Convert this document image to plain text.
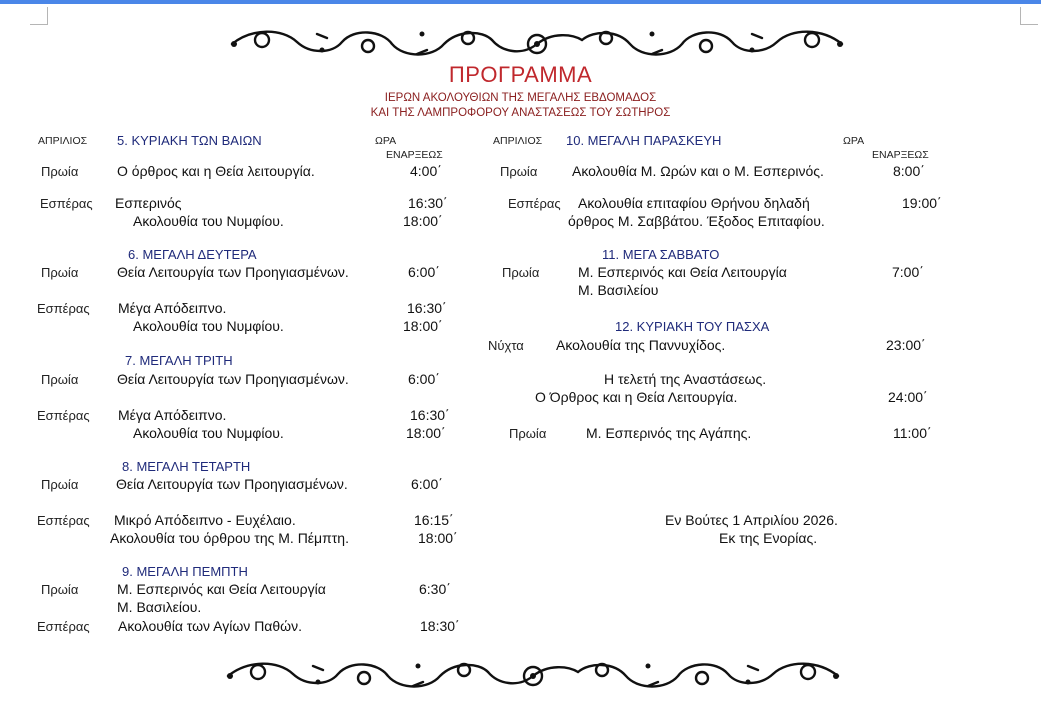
ΠΡΟΓΡΑΜΜΑ
ΙΕΡΩΝ ΑΚΟΛΟΥΘΙΩΝ ΤΗΣ ΜΕΓΑΛΗΣ ΕΒΔΟΜΑΔΟΣ
ΚΑΙ ΤΗΣ ΛΑΜΠΡΟΦΟΡΟΥ ΑΝΑΣΤΑΣΕΩΣ ΤΟΥ ΣΩΤΗΡΟΣ
ΑΠΡΙΛΙΟΣ 5. ΚΥΡΙΑΚΗ ΤΩΝ ΒΑΙΩΝ	ΩΡΑ
ΕΝΑΡΞΕΩΣ
Πρωία	Ο όρθρος και η Θεία λειτουργία.	4:00΄
Εσπέρας Εσπερινός	16:30΄
Ακολουθία του Νυμφίου.	18:00΄
6. ΜΕΓΑΛΗ ΔΕΥΤΕΡΑ
Πρωία	Θεία Λειτουργία των Προηγιασμένων.	6:00΄
Εσπέρας Μέγα Απόδειπνο.	16:30΄
Ακολουθία του Νυμφίου.	18:00΄
7. ΜΕΓΑΛΗ ΤΡΙΤΗ
Πρωία	Θεία Λειτουργία των Προηγιασμένων.	6:00΄
Εσπέρας Μέγα Απόδειπνο.	16:30΄
Ακολουθία του Νυμφίου.	18:00΄
8. ΜΕΓΑΛΗ ΤΕΤΑΡΤΗ
Πρωία	Θεία Λειτουργία των Προηγιασμένων.	6:00΄
Εσπέρας Μικρό Απόδειπνο - Ευχέλαιο.	16:15΄
Ακολουθία του όρθρου της Μ. Πέμπτη.	18:00΄
9. ΜΕΓΑΛΗ ΠΕΜΠΤΗ
Πρωία	Μ. Εσπερινός και Θεία Λειτουργία	6:30΄
Μ. Βασιλείου.
Εσπέρας Ακολουθία των Αγίων Παθών.	18:30΄
ΑΠΡΙΛΙΟΣ 10. ΜΕΓΑΛΗ ΠΑΡΑΣΚΕΥΗ	ΩΡΑ
ΕΝΑΡΞΕΩΣ
Πρωία Ακολουθία Μ. Ωρών και ο Μ. Εσπερινός.	8:00΄
Εσπέρας Ακολουθία επιταφίου Θρήνου δηλαδή	19:00΄
όρθρος Μ. Σαββάτου. Έξοδος Επιταφίου.
11. ΜΕΓΑ ΣΑΒΒΑΤΟ
Πρωία	Μ. Εσπερινός και Θεία Λειτουργία	7:00΄
Μ. Βασιλείου
12. ΚΥΡΙΑΚΗ ΤΟΥ ΠΑΣΧΑ
Νύχτα Ακολουθία της Παννυχίδος.	23:00΄
Η τελετή της Αναστάσεως.
Ο Όρθρος και η Θεία Λειτουργία.	24:00΄
Πρωία	Μ. Εσπερινός της Αγάπης.	11:00΄
Εν Βούτες 1 Απριλίου 2026.
Εκ της Ενορίας.
